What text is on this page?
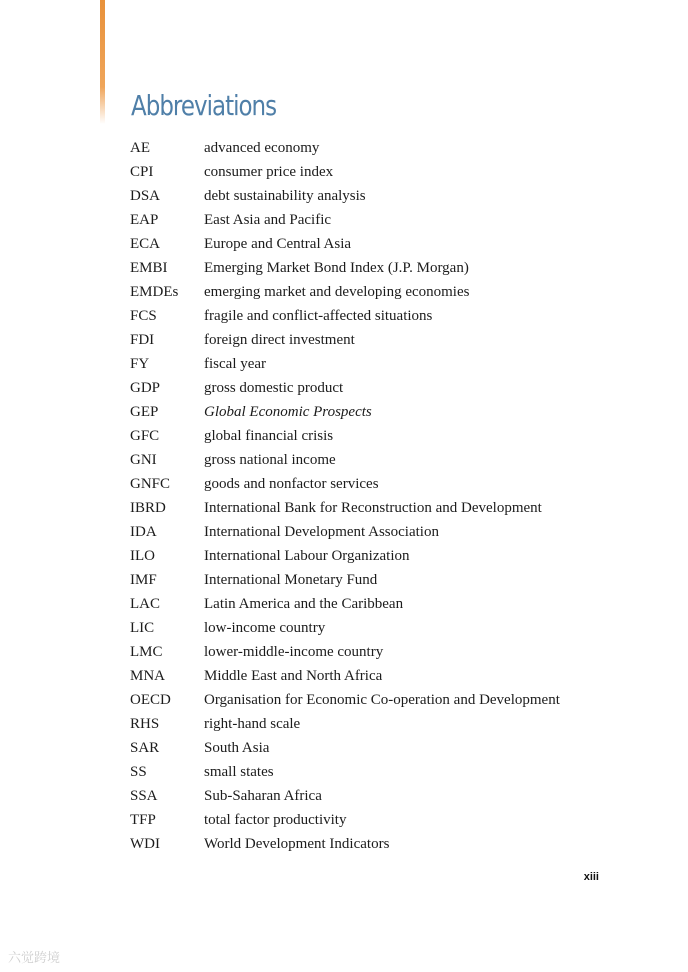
Abbreviations
AE	advanced economy
CPI	consumer price index
DSA	debt sustainability analysis
EAP	East Asia and Pacific
ECA	Europe and Central Asia
EMBI Emerging Market Bond Index (J.P. Morgan)
EMDEs emerging market and developing economies
FCS	fragile and conflict-affected situations
FDI	foreign direct investment
FY	fiscal year
GDP	gross domestic product
GEP	Global Economic Prospects
GFC	global financial crisis
GNI	gross national income
GNFC goods and nonfactor services
IBRD	International Bank for Reconstruction and Development
IDA	International Development Association
ILO	International Labour Organization
IMF	International Monetary Fund
LAC	Latin America and the Caribbean
LIC	low-income country
LMC	lower-middle-income country
MNA	Middle East and North Africa
OECD Organisation for Economic Co-operation and Development
RHS	right-hand scale
SAR	South Asia
SS	small states
SSA	Sub-Saharan Africa
TFP	total factor productivity
WDI	World Development Indicators
xiii
六觉跨境
